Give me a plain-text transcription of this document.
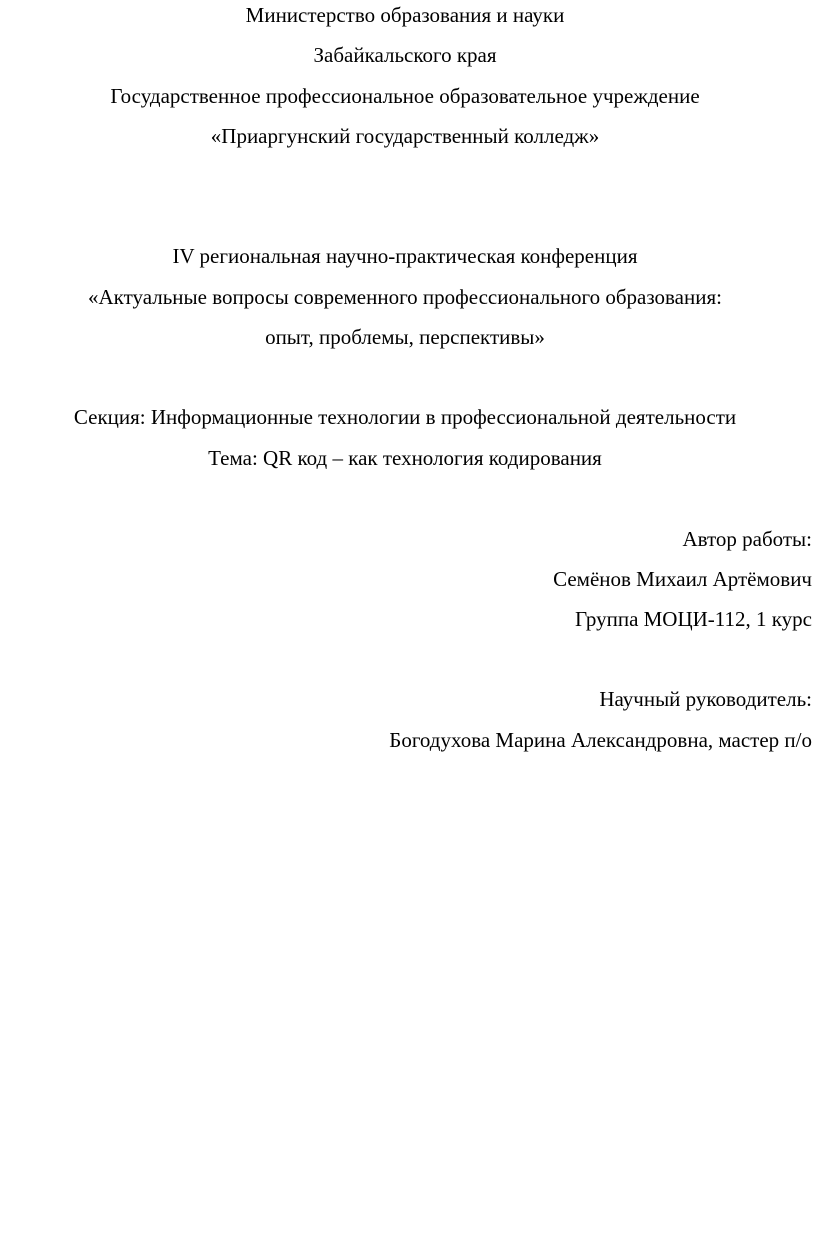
Министерство образования и науки
Забайкальского края
Государственное профессиональное образовательное учреждение
«Приаргунский государственный колледж»
IV региональная научно-практическая конференция
«Актуальные вопросы современного профессионального образования:
опыт, проблемы, перспективы»
Секция: Информационные технологии в профессиональной деятельности
Тема: QR код – как технология кодирования
Автор работы:
Семёнов Михаил Артёмович
Группа МОЦИ-112, 1 курс
Научный руководитель:
Богодухова Марина Александровна, мастер п/о
